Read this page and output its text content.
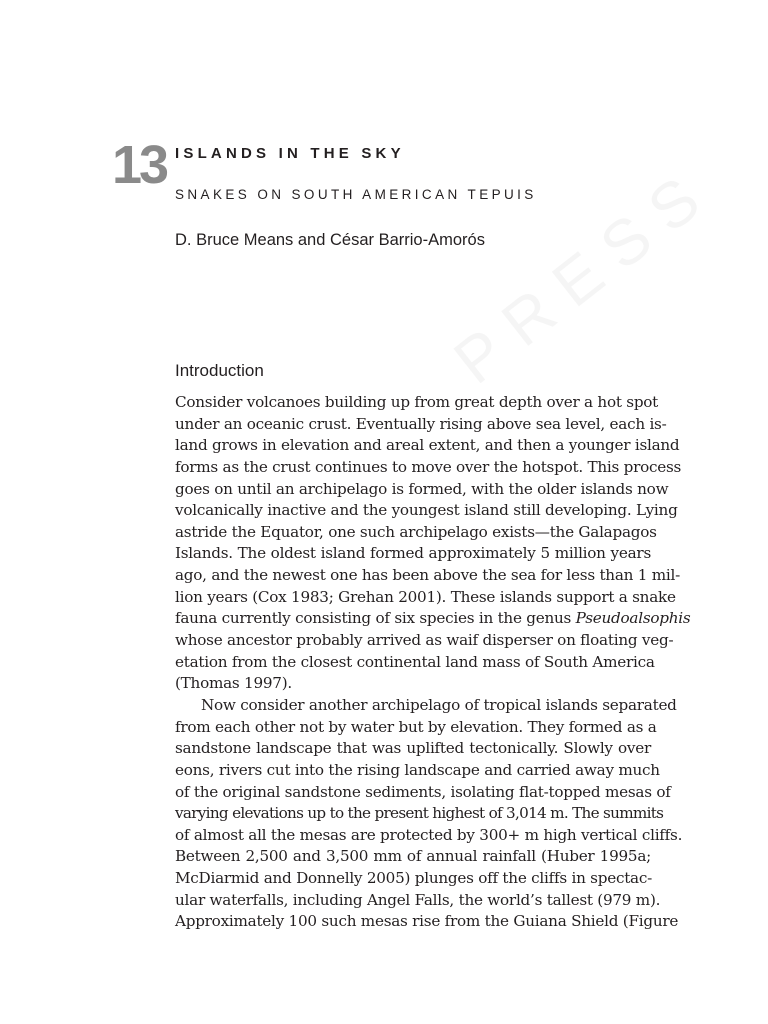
13 ISLANDS IN THE SKY
SNAKES ON SOUTH AMERICAN TEPUIS
D. Bruce Means and César Barrio-Amorós
Introduction
Consider volcanoes building up from great depth over a hot spot
under an oceanic crust. Eventually rising above sea level, each is-
land grows in elevation and areal extent, and then a younger island
forms as the crust continues to move over the hotspot. This process
goes on until an archipelago is formed, with the older islands now
volcanically inactive and the youngest island still developing. Lying
astride the Equator, one such archipelago exists—the Galapagos
Islands. The oldest island formed approximately 5 million years
ago, and the newest one has been above the sea for less than 1 mil-
lion years (Cox 1983; Grehan 2001). These islands support a snake
fauna currently consisting of six species in the genus Pseudoalsophis
whose ancestor probably arrived as waif disperser on floating veg-
etation from the closest continental land mass of South America
(Thomas 1997).
Now consider another archipelago of tropical islands separated
from each other not by water but by elevation. They formed as a
sandstone landscape that was uplifted tectonically. Slowly over
eons, rivers cut into the rising landscape and carried away much
of the original sandstone sediments, isolating flat-topped mesas of
varying elevations up to the present highest of 3,014 m. The summits
of almost all the mesas are protected by 300+ m high vertical cliffs.
Between 2,500 and 3,500 mm of annual rainfall (Huber 1995a;
McDiarmid and Donnelly 2005) plunges off the cliffs in spectac-
ular waterfalls, including Angel Falls, the world’s tallest (979 m).
Approximately 100 such mesas rise from the Guiana Shield (Figure
